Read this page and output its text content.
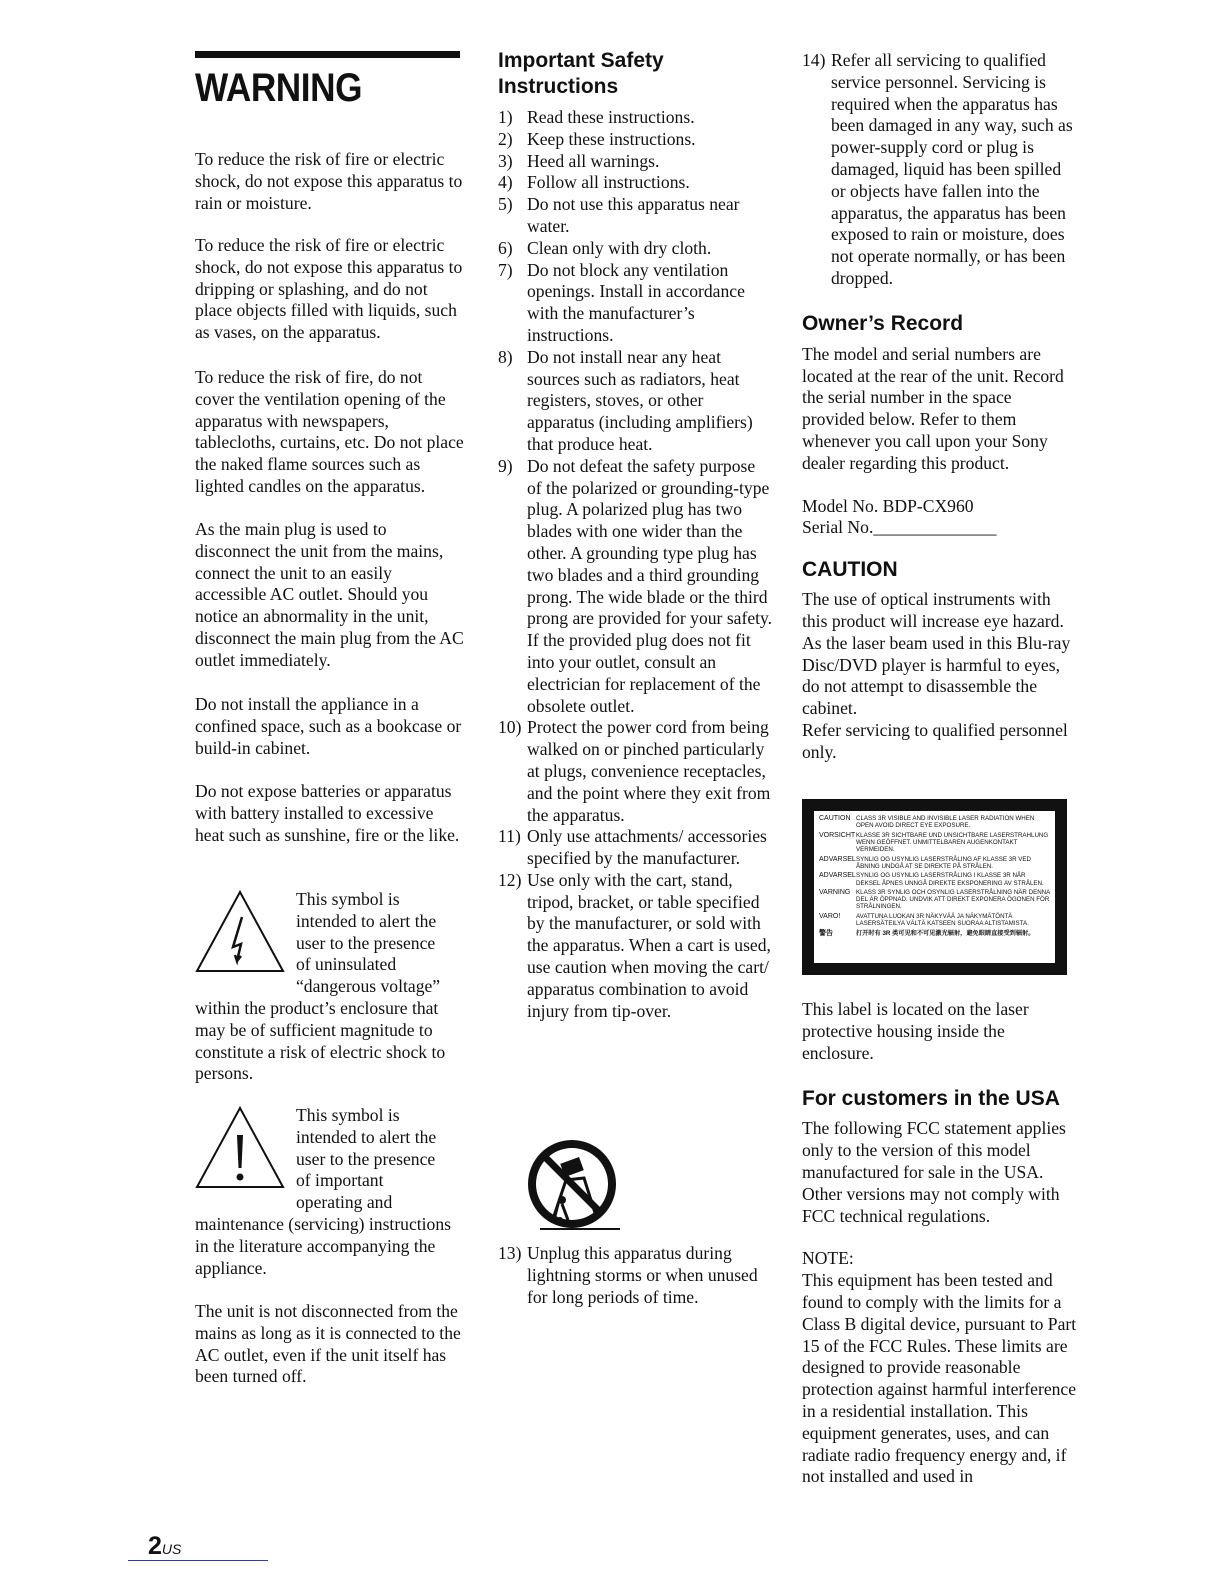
WARNING

To reduce the risk of fire or electric shock, do not expose this apparatus to rain or moisture.

To reduce the risk of fire or electric shock, do not expose this apparatus to dripping or splashing, and do not place objects filled with liquids, such as vases, on the apparatus.

To reduce the risk of fire, do not cover the ventilation opening of the apparatus with newspapers, tablecloths, curtains, etc. Do not place the naked flame sources such as lighted candles on the apparatus.

As the main plug is used to disconnect the unit from the mains, connect the unit to an easily accessible AC outlet. Should you notice an abnormality in the unit, disconnect the main plug from the AC outlet immediately.

Do not install the appliance in a confined space, such as a bookcase or build-in cabinet.

Do not expose batteries or apparatus with battery installed to excessive heat such as sunshine, fire or the like.

This symbol is
intended to alert the
user to the presence
of uninsulated
“dangerous voltage”
within the product’s enclosure that may be of sufficient magnitude to constitute a risk of electric shock to persons.
This symbol is
intended to alert the
user to the presence
of important
operating and
maintenance (servicing) instructions in the literature accompanying the appliance.

The unit is not disconnected from the mains as long as it is connected to the AC outlet, even if the unit itself has been turned off.

Important Safety Instructions
1) Read these instructions.
2) Keep these instructions.
3) Heed all warnings.
4) Follow all instructions.
5) Do not use this apparatus near water.
6) Clean only with dry cloth.
7) Do not block any ventilation openings. Install in accordance with the manufacturer’s instructions.
8) Do not install near any heat sources such as radiators, heat registers, stoves, or other apparatus (including amplifiers) that produce heat.
9) Do not defeat the safety purpose of the polarized or grounding-type plug. A polarized plug has two blades with one wider than the other. A grounding type plug has two blades and a third grounding prong. The wide blade or the third prong are provided for your safety. If the provided plug does not fit into your outlet, consult an electrician for replacement of the obsolete outlet.
10) Protect the power cord from being walked on or pinched particularly at plugs, convenience receptacles, and the point where they exit from the apparatus.
11) Only use attachments/ accessories specified by the manufacturer.
12) Use only with the cart, stand, tripod, bracket, or table specified by the manufacturer, or sold with the apparatus. When a cart is used, use caution when moving the cart/ apparatus combination to avoid injury from tip-over.
13) Unplug this apparatus during lightning storms or when unused for long periods of time.
14) Refer all servicing to qualified service personnel. Servicing is required when the apparatus has been damaged in any way, such as power-supply cord or plug is damaged, liquid has been spilled or objects have fallen into the apparatus, the apparatus has been exposed to rain or moisture, does not operate normally, or has been dropped.
Owner’s Record

The model and serial numbers are located at the rear of the unit. Record the serial number in the space provided below. Refer to them whenever you call upon your Sony dealer regarding this product.

Model No. BDP-CX960

Serial No.______________

CAUTION

The use of optical instruments with this product will increase eye hazard. As the laser beam used in this Blu-ray Disc/DVD player is harmful to eyes, do not attempt to disassemble the cabinet.

Refer servicing to qualified personnel only.

CAUTION CLASS 3R VISIBLE AND INVISIBLE LASER RADIATION WHEN OPEN AVOID DIRECT EYE EXPOSURE.
VORSICHT KLASSE 3R SICHTBARE UND UNSICHTBARE LASERSTRAHLUNG WENN GEÖFFNET. UNMITTELBAREN AUGENKONTAKT VERMEIDEN.
ADVARSEL SYNLIG OG USYNLIG LASERSTRÅLING AF KLASSE 3R VED ÅBNING UNDGÅ AT SE DIREKTE PÅ STRÅLEN.
ADVARSEL SYNLIG OG USYNLIG LASERSTRÅLING I KLASSE 3R NÅR DEKSEL ÅPNES UNNGÅ DIREKTE EKSPONERING AV STRÅLEN.
VARNING KLASS 3R SYNLIG OCH OSYNLIG LASERSTRÅLNING NÄR DENNA DEL ÄR ÖPPNAD. UNDVIK ATT DIREKT EXPONERA ÖGONEN FÖR STRÅLNINGEN.
VARO!	AVATTUNA LUOKAN 3R NÄKYVÄÄ JA NÄKYMÄTÖNTÄ LASERSÄTEILYA VÄLTÄ KATSEEN SUORAA ALTISTAMISTA.
警告	打开时有 3R 类可见和不可见激光辐射，避免眼睛直接受到辐射。

This label is located on the laser protective housing inside the enclosure.

For customers in the USA

The following FCC statement applies only to the version of this model manufactured for sale in the USA. Other versions may not comply with FCC technical regulations.

NOTE:

This equipment has been tested and found to comply with the limits for a Class B digital device, pursuant to Part 15 of the FCC Rules. These limits are designed to provide reasonable protection against harmful interference in a residential installation. This equipment generates, uses, and can radiate radio frequency energy and, if not installed and used in

2US
